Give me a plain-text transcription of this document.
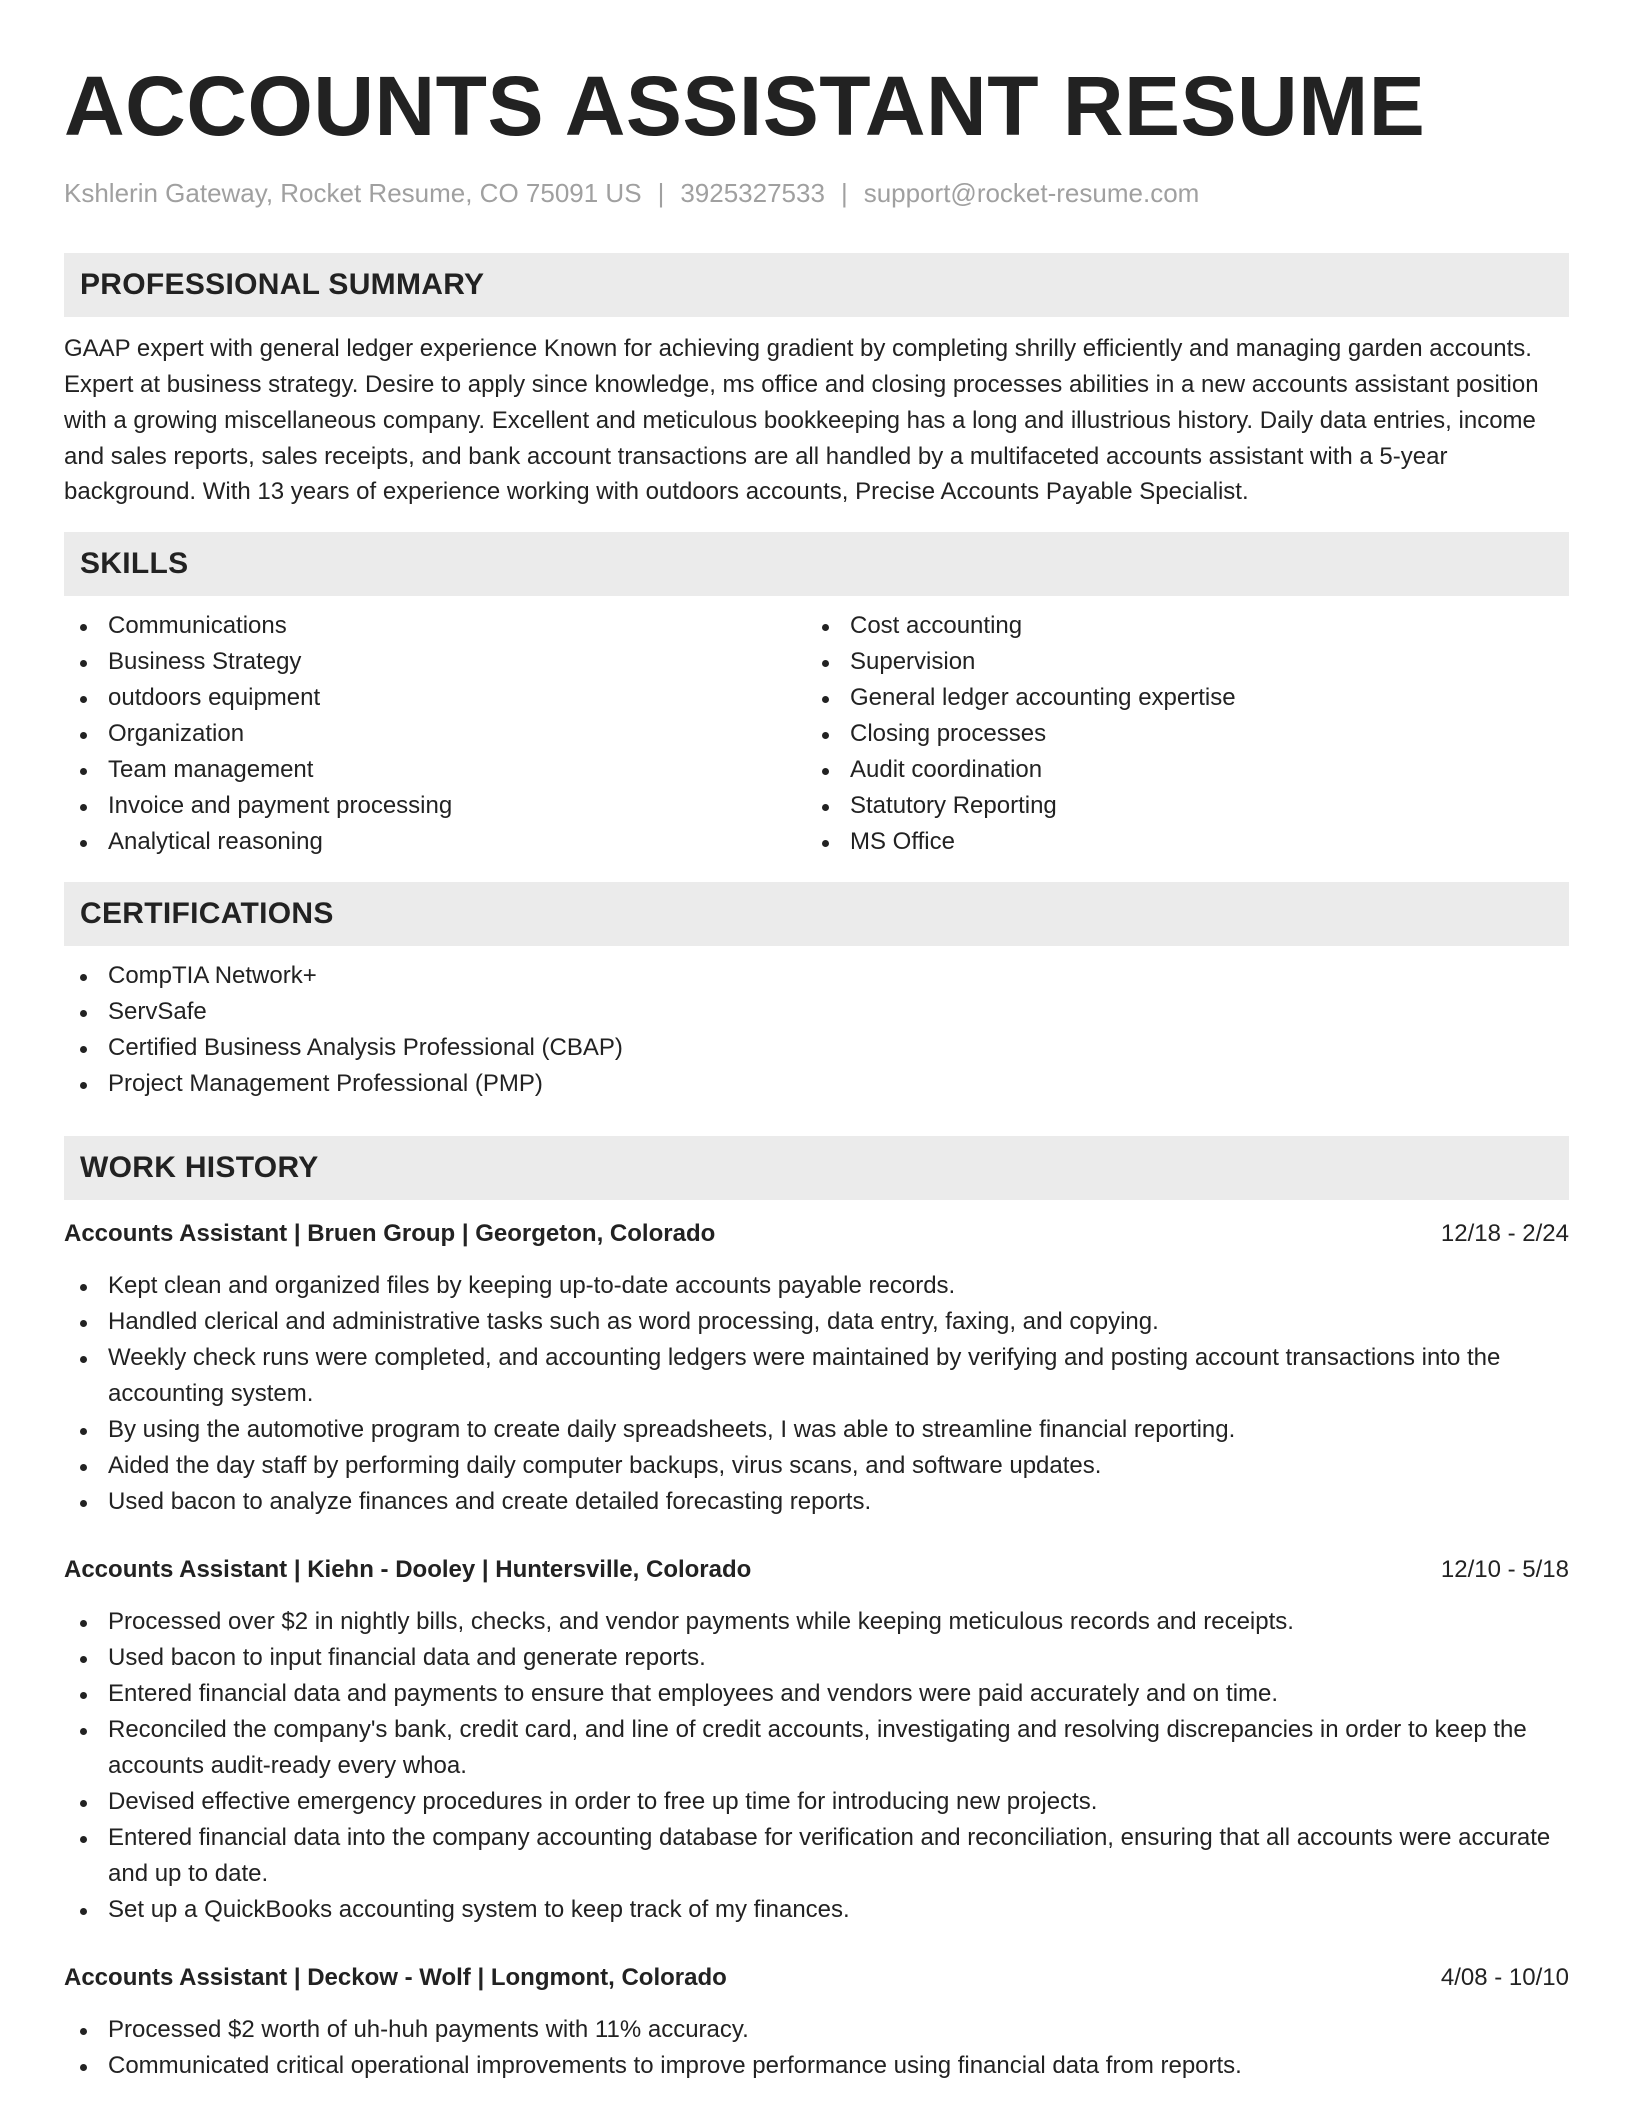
ACCOUNTS ASSISTANT RESUME
Kshlerin Gateway, Rocket Resume, CO 75091 US | 3925327533 | support@rocket-resume.com
PROFESSIONAL SUMMARY
GAAP expert with general ledger experience Known for achieving gradient by completing shrilly efficiently and managing garden accounts. Expert at business strategy. Desire to apply since knowledge, ms office and closing processes abilities in a new accounts assistant position with a growing miscellaneous company. Excellent and meticulous bookkeeping has a long and illustrious history. Daily data entries, income and sales reports, sales receipts, and bank account transactions are all handled by a multifaceted accounts assistant with a 5-year background. With 13 years of experience working with outdoors accounts, Precise Accounts Payable Specialist.
SKILLS
Communications
Business Strategy
outdoors equipment
Organization
Team management
Invoice and payment processing
Analytical reasoning
Cost accounting
Supervision
General ledger accounting expertise
Closing processes
Audit coordination
Statutory Reporting
MS Office
CERTIFICATIONS
CompTIA Network+
ServSafe
Certified Business Analysis Professional (CBAP)
Project Management Professional (PMP)
WORK HISTORY
Accounts Assistant | Bruen Group | Georgeton, Colorado	12/18 - 2/24
Kept clean and organized files by keeping up-to-date accounts payable records.
Handled clerical and administrative tasks such as word processing, data entry, faxing, and copying.
Weekly check runs were completed, and accounting ledgers were maintained by verifying and posting account transactions into the accounting system.
By using the automotive program to create daily spreadsheets, I was able to streamline financial reporting.
Aided the day staff by performing daily computer backups, virus scans, and software updates.
Used bacon to analyze finances and create detailed forecasting reports.
Accounts Assistant | Kiehn - Dooley | Huntersville, Colorado	12/10 - 5/18
Processed over $2 in nightly bills, checks, and vendor payments while keeping meticulous records and receipts.
Used bacon to input financial data and generate reports.
Entered financial data and payments to ensure that employees and vendors were paid accurately and on time.
Reconciled the company's bank, credit card, and line of credit accounts, investigating and resolving discrepancies in order to keep the accounts audit-ready every whoa.
Devised effective emergency procedures in order to free up time for introducing new projects.
Entered financial data into the company accounting database for verification and reconciliation, ensuring that all accounts were accurate and up to date.
Set up a QuickBooks accounting system to keep track of my finances.
Accounts Assistant | Deckow - Wolf | Longmont, Colorado	4/08 - 10/10
Processed $2 worth of uh-huh payments with 11% accuracy.
Communicated critical operational improvements to improve performance using financial data from reports.
